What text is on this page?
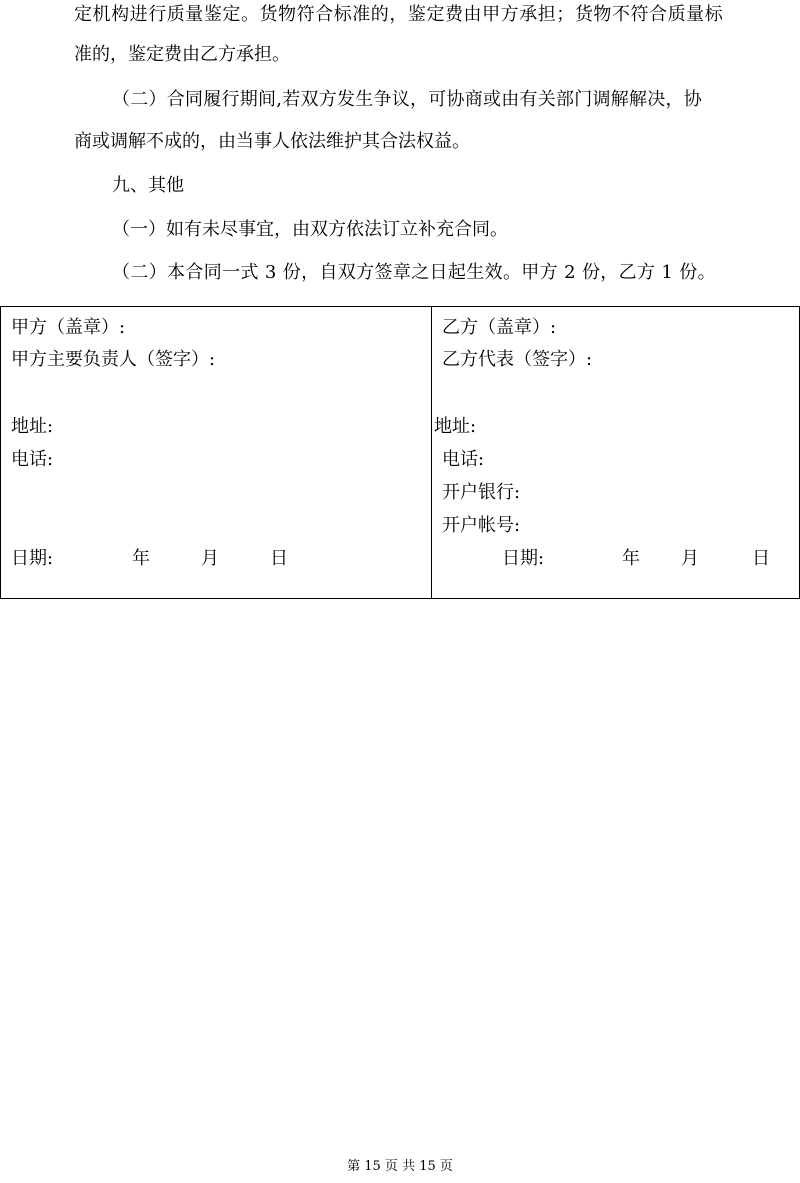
定机构进行质量鉴定。货物符合标准的，鉴定费由甲方承担；货物不符合质量标

准的，鉴定费由乙方承担。

（二）合同履行期间,若双方发生争议，可协商或由有关部门调解解决，协

商或调解不成的，由当事人依法维护其合法权益。

九、其他

（一）如有未尽事宜，由双方依法订立补充合同。

（二）本合同一式 3 份，自双方签章之日起生效。甲方 2 份，乙方 1 份。

甲方（盖章）:
甲方主要负责人（签字）:
地址:
电话:
日期:	年	月	日
乙方（盖章）:
乙方代表（签字）:
地址:
电话:
开户银行:
开户帐号:
日期:	年 月	日
第 15 页 共 15 页
